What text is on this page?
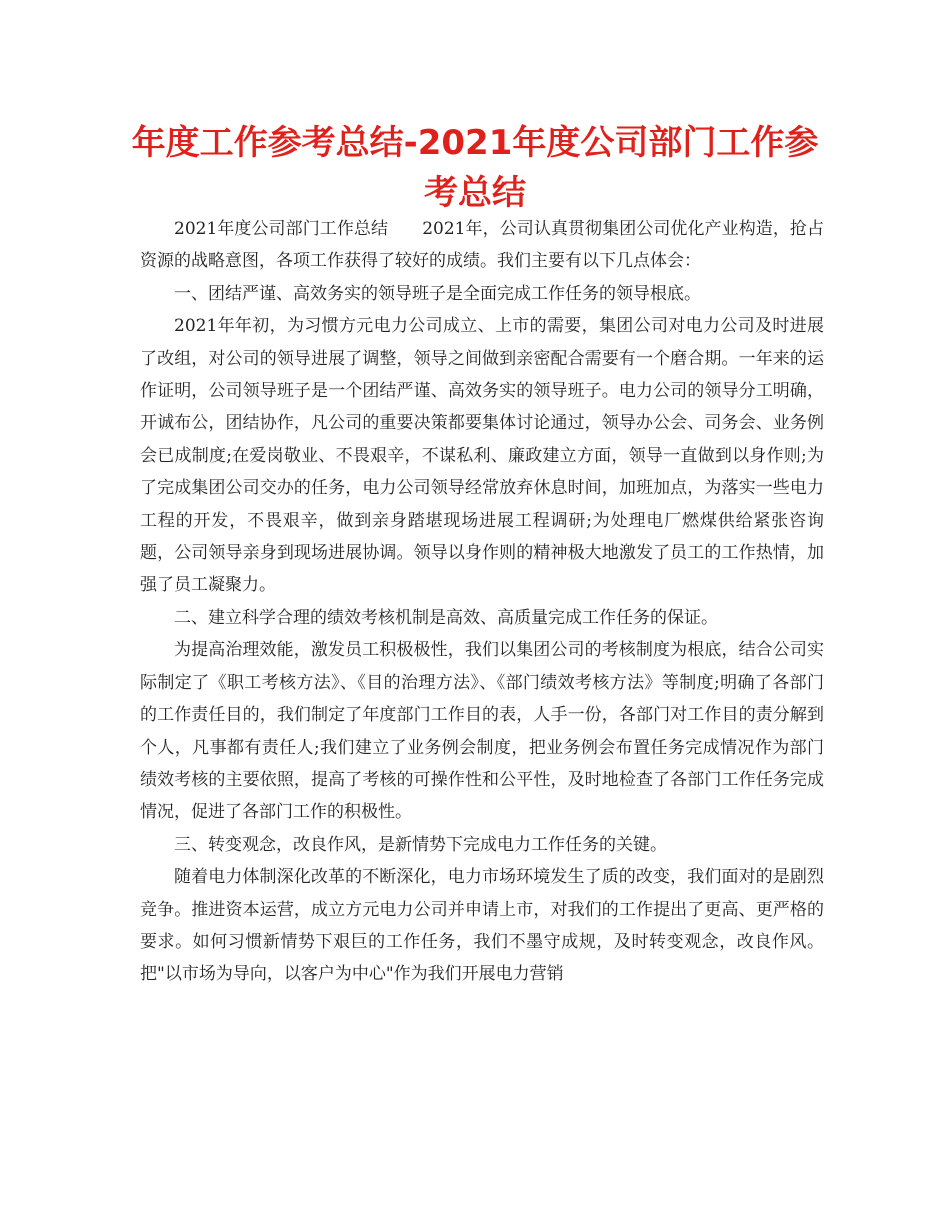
年度工作参考总结-2021年度公司部门工作参考总结

2021年度公司部门工作总结　　2021年，公司认真贯彻集团公司优化产业构造，抢占资源的战略意图，各项工作获得了较好的成绩。我们主要有以下几点体会：

一、团结严谨、高效务实的领导班子是全面完成工作任务的领导根底。

2021年年初，为习惯方元电力公司成立、上市的需要，集团公司对电力公司及时进展了改组，对公司的领导进展了调整，领导之间做到亲密配合需要有一个磨合期。一年来的运作证明，公司领导班子是一个团结严谨、高效务实的领导班子。电力公司的领导分工明确，开诚布公，团结协作，凡公司的重要决策都要集体讨论通过，领导办公会、司务会、业务例会已成制度;在爱岗敬业、不畏艰辛，不谋私利、廉政建立方面，领导一直做到以身作则;为了完成集团公司交办的任务，电力公司领导经常放弃休息时间，加班加点，为落实一些电力工程的开发，不畏艰辛，做到亲身踏堪现场进展工程调研;为处理电厂燃煤供给紧张咨询题，公司领导亲身到现场进展协调。领导以身作则的精神极大地激发了员工的工作热情，加强了员工凝聚力。

二、建立科学合理的绩效考核机制是高效、高质量完成工作任务的保证。

为提高治理效能，激发员工积极极性，我们以集团公司的考核制度为根底，结合公司实际制定了《职工考核方法》、《目的治理方法》、《部门绩效考核方法》等制度;明确了各部门的工作责任目的，我们制定了年度部门工作目的表，人手一份，各部门对工作目的责分解到个人，凡事都有责任人;我们建立了业务例会制度，把业务例会布置任务完成情况作为部门绩效考核的主要依照，提高了考核的可操作性和公平性，及时地检查了各部门工作任务完成情况，促进了各部门工作的积极性。

三、转变观念，改良作风，是新情势下完成电力工作任务的关键。

随着电力体制深化改革的不断深化，电力市场环境发生了质的改变，我们面对的是剧烈竞争。推进资本运营，成立方元电力公司并申请上市，对我们的工作提出了更高、更严格的要求。如何习惯新情势下艰巨的工作任务，我们不墨守成规，及时转变观念，改良作风。把"以市场为导向，以客户为中心"作为我们开展电力营销
